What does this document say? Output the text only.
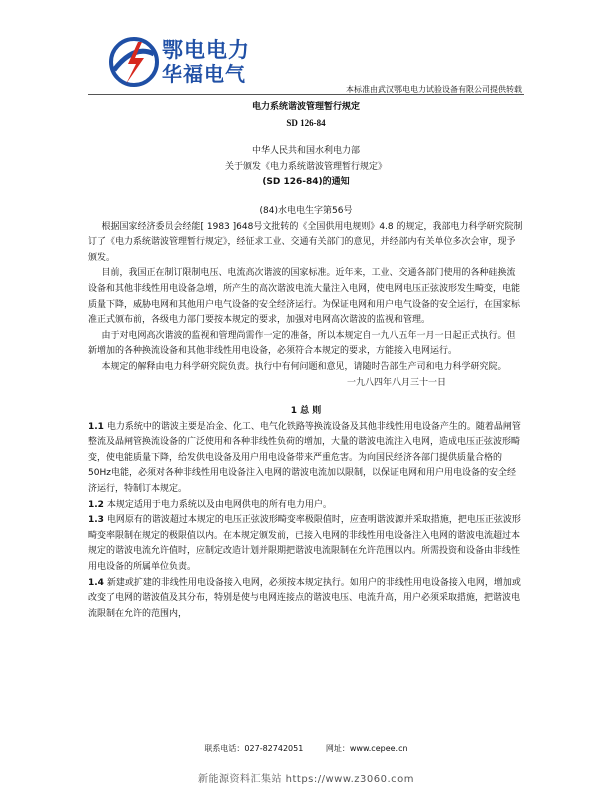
鄂电电力
华福电气
本标准由武汉鄂电电力试验设备有限公司提供转载

电力系统谐波管理暂行规定

SD 126-84

中华人民共和国水利电力部

关于颁发《电力系统谐波管理暂行规定》

(SD 126-84)的通知

(84)水电电生字第56号

根据国家经济委员会经能[ 1983 ]648号文批转的《全国供用电规则》4.8 的规定，我部电力科学研究院制订了《电力系统谐波管理暂行规定》，经征求工业、交通有关部门的意见，并经部内有关单位多次会审，现予颁发。

目前，我国正在制订限制电压、电流高次谐波的国家标准。近年来，工业、交通各部门使用的各种硅换流设备和其他非线性用电设备急增，所产生的高次谐波电流大量注入电网，使电网电压正弦波形发生畸变，电能质量下降，威胁电网和其他用户电气设备的安全经济运行。为保证电网和用户电气设备的安全运行，在国家标准正式颁布前，各级电力部门要按本规定的要求，加强对电网高次谐波的监视和管理。

由于对电网高次谐波的监视和管理尚需作一定的准备，所以本规定自一九八五年一月一日起正式执行。但新增加的各种换流设备和其他非线性用电设备，必须符合本规定的要求，方能接入电网运行。

本规定的解释由电力科学研究院负责。执行中有何问题和意见，请随时告部生产司和电力科学研究院。

一九八四年八月三十一日

1 总 则

1.1 电力系统中的谐波主要是冶金、化工、电气化铁路等换流设备及其他非线性用电设备产生的。随着晶闸管整流及晶闸管换流设备的广泛使用和各种非线性负荷的增加，大量的谐波电流注入电网，造成电压正弦波形畸变，使电能质量下降，给发供电设备及用户用电设备带来严重危害。为向国民经济各部门提供质量合格的50Hz电能，必须对各种非线性用电设备注入电网的谐波电流加以限制，以保证电网和用户用电设备的安全经济运行，特制订本规定。

1.2 本规定适用于电力系统以及由电网供电的所有电力用户。

1.3 电网原有的谐波超过本规定的电压正弦波形畸变率极限值时，应查明谐波源并采取措施，把电压正弦波形畸变率限制在规定的极限值以内。在本规定颁发前，已接入电网的非线性用电设备注入电网的谐波电流超过本规定的谐波电流允许值时，应制定改造计划并限期把谐波电流限制在允许范围以内。所需投资和设备由非线性用电设备的所属单位负责。

1.4 新建或扩建的非线性用电设备接入电网，必须按本规定执行。如用户的非线性用电设备接入电网，增加或改变了电网的谐波值及其分布，特别是使与电网连接点的谐波电压、电流升高，用户必须采取措施，把谐波电流限制在允许的范围内，

联系电话：027-82742051	网址：www.cepee.cn
新能源资料汇集站 https://www.z3060.com
